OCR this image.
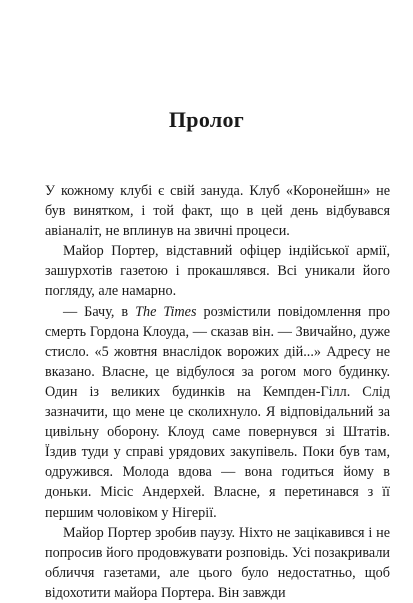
Пролог

У кожному клубі є свій зануда. Клуб «Коронейшн» не був винятком, і той факт, що в цей день відбувався авіаналіт, не вплинув на звичні процеси.

Майор Портер, відставний офіцер індійської армії, зашурхотів газетою і прокашлявся. Всі уникали його погляду, але намарно.

— Бачу, в The Times розмістили повідомлення про смерть Гордона Клоуда, — сказав він. — Звичайно, дуже стисло. «5 жовтня внаслідок ворожих дій...» Адресу не вказано. Власне, це відбулося за рогом мого будинку. Один із великих будинків на Кемпден-Гілл. Слід зазначити, що мене це сколихнуло. Я відповідальний за цивільну оборону. Клоуд саме повернувся зі Штатів. Їздив туди у справі урядових закупівель. Поки був там, одружився. Молода вдова — вона годиться йому в доньки. Місіс Андерхей. Власне, я перетинався з її першим чоловіком у Нігерії.

Майор Портер зробив паузу. Ніхто не зацікавився і не попросив його продовжувати розповідь. Усі позакривали обличчя газетами, але цього було недостатньо, щоб відохотити майора Портера. Він завжди
